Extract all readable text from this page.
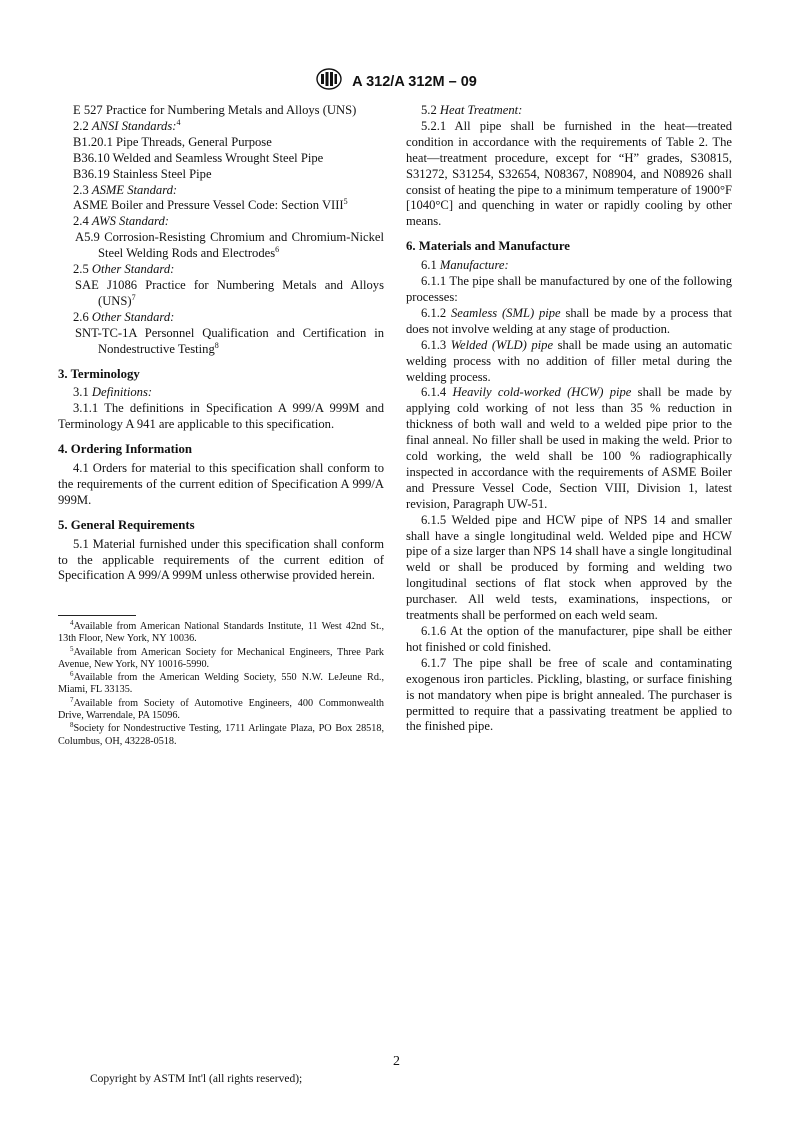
A 312/A 312M – 09

E 527 Practice for Numbering Metals and Alloys (UNS)

2.2 ANSI Standards:$^4$

B1.20.1 Pipe Threads, General Purpose

B36.10 Welded and Seamless Wrought Steel Pipe

B36.19 Stainless Steel Pipe

2.3 ASME Standard:

ASME Boiler and Pressure Vessel Code: Section VIII$^5$

2.4 AWS Standard:

A5.9 Corrosion-Resisting Chromium and Chromium-Nickel Steel Welding Rods and Electrodes$^6$

2.5 Other Standard:

SAE J1086 Practice for Numbering Metals and Alloys (UNS)$^7$

2.6 Other Standard:

SNT-TC-1A Personnel Qualification and Certification in Nondestructive Testing$^8$

3. Terminology

3.1 Definitions:

3.1.1 The definitions in Specification A 999/A 999M and Terminology A 941 are applicable to this specification.

4. Ordering Information

4.1 Orders for material to this specification shall conform to the requirements of the current edition of Specification A 999/A 999M.

5. General Requirements

5.1 Material furnished under this specification shall conform to the applicable requirements of the current edition of Specification A 999/A 999M unless otherwise provided herein.

$^4$Available from American National Standards Institute, 11 West 42nd St., 13th Floor, New York, NY 10036.

$^5$Available from American Society for Mechanical Engineers, Three Park Avenue, New York, NY 10016-5990.

$^6$Available from the American Welding Society, 550 N.W. LeJeune Rd., Miami, FL 33135.

$^7$Available from Society of Automotive Engineers, 400 Commonwealth Drive, Warrendale, PA 15096.

$^8$Society for Nondestructive Testing, 1711 Arlingate Plaza, PO Box 28518, Columbus, OH, 43228-0518.

5.2 Heat Treatment:

5.2.1 All pipe shall be furnished in the heat—treated condition in accordance with the requirements of Table 2. The heat—treatment procedure, except for “H” grades, S30815, S31272, S31254, S32654, N08367, N08904, and N08926 shall consist of heating the pipe to a minimum temperature of 1900°F [1040°C] and quenching in water or rapidly cooling by other means.

6. Materials and Manufacture

6.1 Manufacture:

6.1.1 The pipe shall be manufactured by one of the following processes:

6.1.2 Seamless (SML) pipe shall be made by a process that does not involve welding at any stage of production.

6.1.3 Welded (WLD) pipe shall be made using an automatic welding process with no addition of filler metal during the welding process.

6.1.4 Heavily cold-worked (HCW) pipe shall be made by applying cold working of not less than 35 % reduction in thickness of both wall and weld to a welded pipe prior to the final anneal. No filler shall be used in making the weld. Prior to cold working, the weld shall be 100 % radiographically inspected in accordance with the requirements of ASME Boiler and Pressure Vessel Code, Section VIII, Division 1, latest revision, Paragraph UW-51.

6.1.5 Welded pipe and HCW pipe of NPS 14 and smaller shall have a single longitudinal weld. Welded pipe and HCW pipe of a size larger than NPS 14 shall have a single longitudinal weld or shall be produced by forming and welding two longitudinal sections of flat stock when approved by the purchaser. All weld tests, examinations, inspections, or treatments shall be performed on each weld seam.

6.1.6 At the option of the manufacturer, pipe shall be either hot finished or cold finished.

6.1.7 The pipe shall be free of scale and contaminating exogenous iron particles. Pickling, blasting, or surface finishing is not mandatory when pipe is bright annealed. The purchaser is permitted to require that a passivating treatment be applied to the finished pipe.

2
Copyright by ASTM Int'l (all rights reserved);
